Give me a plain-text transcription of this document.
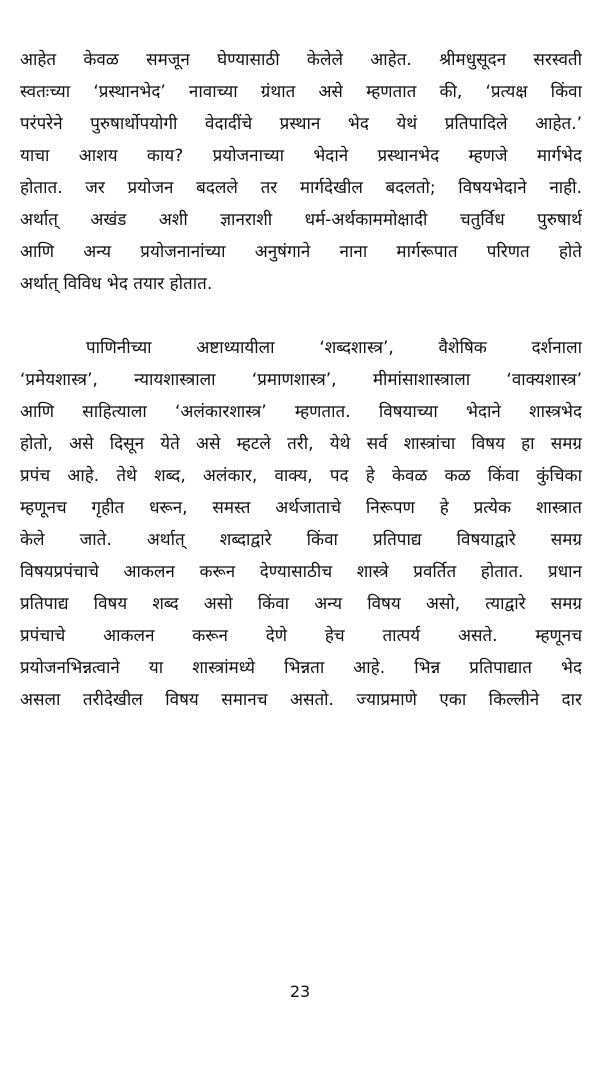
आहेत केवळ समजून घेण्यासाठी केलेले आहेत. श्रीमधुसूदन सरस्वती
स्वतःच्या ‘प्रस्थानभेद’ नावाच्या ग्रंथात असे म्हणतात की, ‘प्रत्यक्ष किंवा
परंपरेने पुरुषार्थोपयोगी वेदादींचे प्रस्थान भेद येथं प्रतिपादिले आहेत.’
याचा आशय काय? प्रयोजनाच्या भेदाने प्रस्थानभेद म्हणजे मार्गभेद
होतात. जर प्रयोजन बदलले तर मार्गदेखील बदलतो; विषयभेदाने नाही.
अर्थात् अखंड अशी ज्ञानराशी धर्म-अर्थकाममोक्षादी चतुर्विध पुरुषार्थ
आणि अन्य प्रयोजनानांच्या अनुषंगाने नाना मार्गरूपात परिणत होते
अर्थात् विविध भेद तयार होतात.
पाणिनीच्या अष्टाध्यायीला ‘शब्दशास्त्र’, वैशेषिक दर्शनाला
‘प्रमेयशास्त्र’, न्यायशास्त्राला ‘प्रमाणशास्त्र’, मीमांसाशास्त्राला ‘वाक्यशास्त्र’
आणि साहित्याला ‘अलंकारशास्त्र’ म्हणतात. विषयाच्या भेदाने शास्त्रभेद
होतो, असे दिसून येते असे म्हटले तरी, येथे सर्व शास्त्रांचा विषय हा समग्र
प्रपंच आहे. तेथे शब्द, अलंकार, वाक्य, पद हे केवळ कळ किंवा कुंचिका
म्हणूनच गृहीत धरून, समस्त अर्थजाताचे निरूपण हे प्रत्येक शास्त्रात
केले जाते. अर्थात् शब्दाद्वारे किंवा प्रतिपाद्य विषयाद्वारे समग्र
विषयप्रपंचाचे आकलन करून देण्यासाठीच शास्त्रे प्रवर्तित होतात. प्रधान
प्रतिपाद्य विषय शब्द असो किंवा अन्य विषय असो, त्याद्वारे समग्र
प्रपंचाचे आकलन करून देणे हेच तात्पर्य असते. म्हणूनच
प्रयोजनभिन्नत्वाने या शास्त्रांमध्ये भिन्नता आहे. भिन्न प्रतिपाद्यात भेद
असला तरीदेखील विषय समानच असतो. ज्याप्रमाणे एका किल्लीने दार
23
